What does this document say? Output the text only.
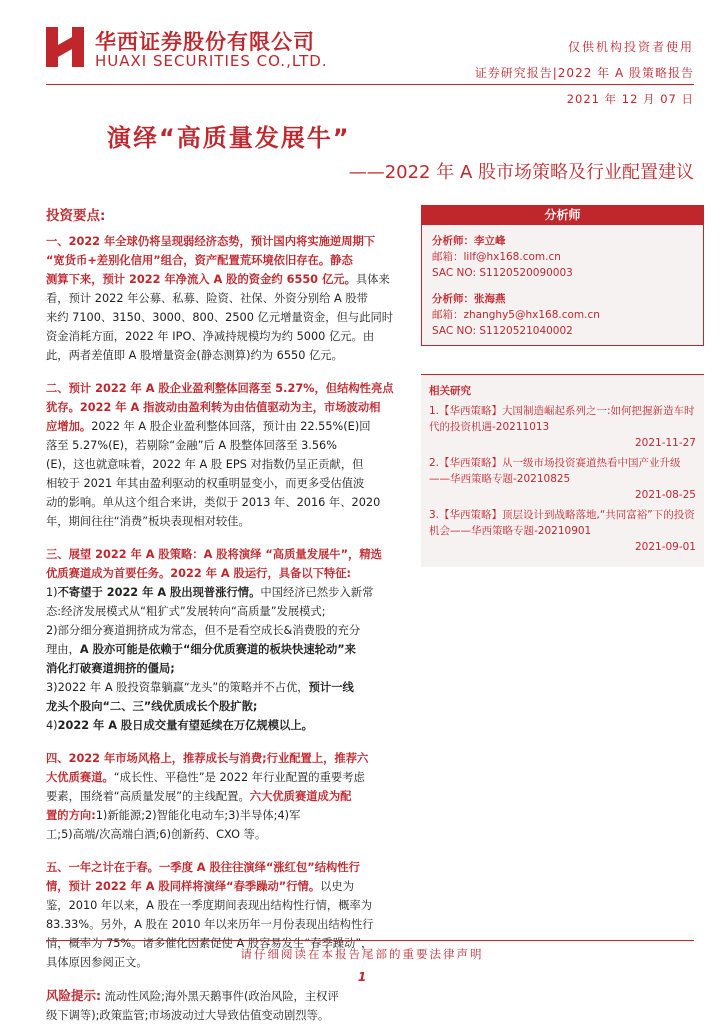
华西证券股份有限公司
HUAXI SECURITIES CO.,LTD.
仅供机构投资者使用
证券研究报告|2022 年 A 股策略报告
2021 年 12 月 07 日
演绎“高质量发展牛”
——2022 年 A 股市场策略及行业配置建议
投资要点:
一、2022 年全球仍将呈现弱经济态势，预计国内将实施逆周期下
“宽货币+差别化信用”组合，资产配置荒环境依旧存在。静态
测算下来，预计 2022 年净流入 A 股的资金约 6550 亿元。具体来
看，预计 2022 年公募、私募、险资、社保、外资分别给 A 股带
来约 7100、3150、3000、800、2500 亿元增量资金，但与此同时
资金消耗方面，2022 年 IPO、净减持规模均为约 5000 亿元。由
此，两者差值即 A 股增量资金(静态测算)约为 6550 亿元。
二、预计 2022 年 A 股企业盈利整体回落至 5.27%，但结构性亮点
犹存。2022 年 A 指波动由盈利转为由估值驱动为主，市场波动相
应增加。2022 年 A 股企业盈利整体回落，预计由 22.55%(E)回
落至 5.27%(E)，若剔除“金融”后 A 股整体回落至 3.56%
(E)，这也就意味着，2022 年 A 股 EPS 对指数仍呈正贡献，但
相较于 2021 年其由盈利驱动的权重明显变小，而更多受估值波
动的影响。单从这个组合来讲，类似于 2013 年、2016 年、2020
年，期间往往“消费”板块表现相对较佳。
三、展望 2022 年 A 股策略：A 股将演绎 “高质量发展牛”，精选
优质赛道成为首要任务。2022 年 A 股运行，具备以下特征:
1)不寄望于 2022 年 A 股出现普涨行情。中国经济已然步入新常
态:经济发展模式从“粗犷式”发展转向“高质量”发展模式;
2)部分细分赛道拥挤成为常态，但不是看空成长&消费股的充分
理由，A 股亦可能是依赖于“细分优质赛道的板块快速轮动”来
消化打破赛道拥挤的僵局;
3)2022 年 A 股投资靠躺赢“龙头”的策略并不占优，预计一线
龙头个股向“二、三”线优质成长个股扩散;
4)2022 年 A 股日成交量有望延续在万亿规模以上。
四、2022 年市场风格上，推荐成长与消费;行业配置上，推荐六
大优质赛道。“成长性、平稳性”是 2022 年行业配置的重要考虑
要素，围绕着“高质量发展”的主线配置。六大优质赛道成为配
置的方向:1)新能源;2)智能化电动车;3)半导体;4)军
工;5)高端/次高端白酒;6)创新药、CXO 等。
五、一年之计在于春。一季度 A 股往往演绎“涨红包”结构性行
情，预计 2022 年 A 股同样将演绎“春季躁动”行情。以史为
鉴，2010 年以来，A 股在一季度期间表现出结构性行情，概率为
83.33%。另外，A 股在 2010 年以来历年一月份表现出结构性行
情，概率为 75%。诸多催化因素促使 A 股容易发生“春季躁动”，
具体原因参阅正文。
风险提示: 流动性风险;海外黑天鹅事件(政治风险，主权评
级下调等);政策监管;市场波动过大导致估值变动剧烈等。
分析师
分析师：李立峰
邮箱：lilf@hx168.com.cn
SAC NO: S1120520090003
分析师：张海燕
邮箱：zhanghy5@hx168.com.cn
SAC NO: S1120521040002
相关研究
1.【华西策略】大国制造崛起系列之一:如何把握新造车时代的投资机遇-20211013
2021-11-27
2.【华西策略】从一级市场投资赛道热看中国产业升级——华西策略专题-20210825
2021-08-25
3.【华西策略】顶层设计到战略落地,“共同富裕”下的投资机会——华西策略专题-20210901
2021-09-01
请仔细阅读在本报告尾部的重要法律声明
1
